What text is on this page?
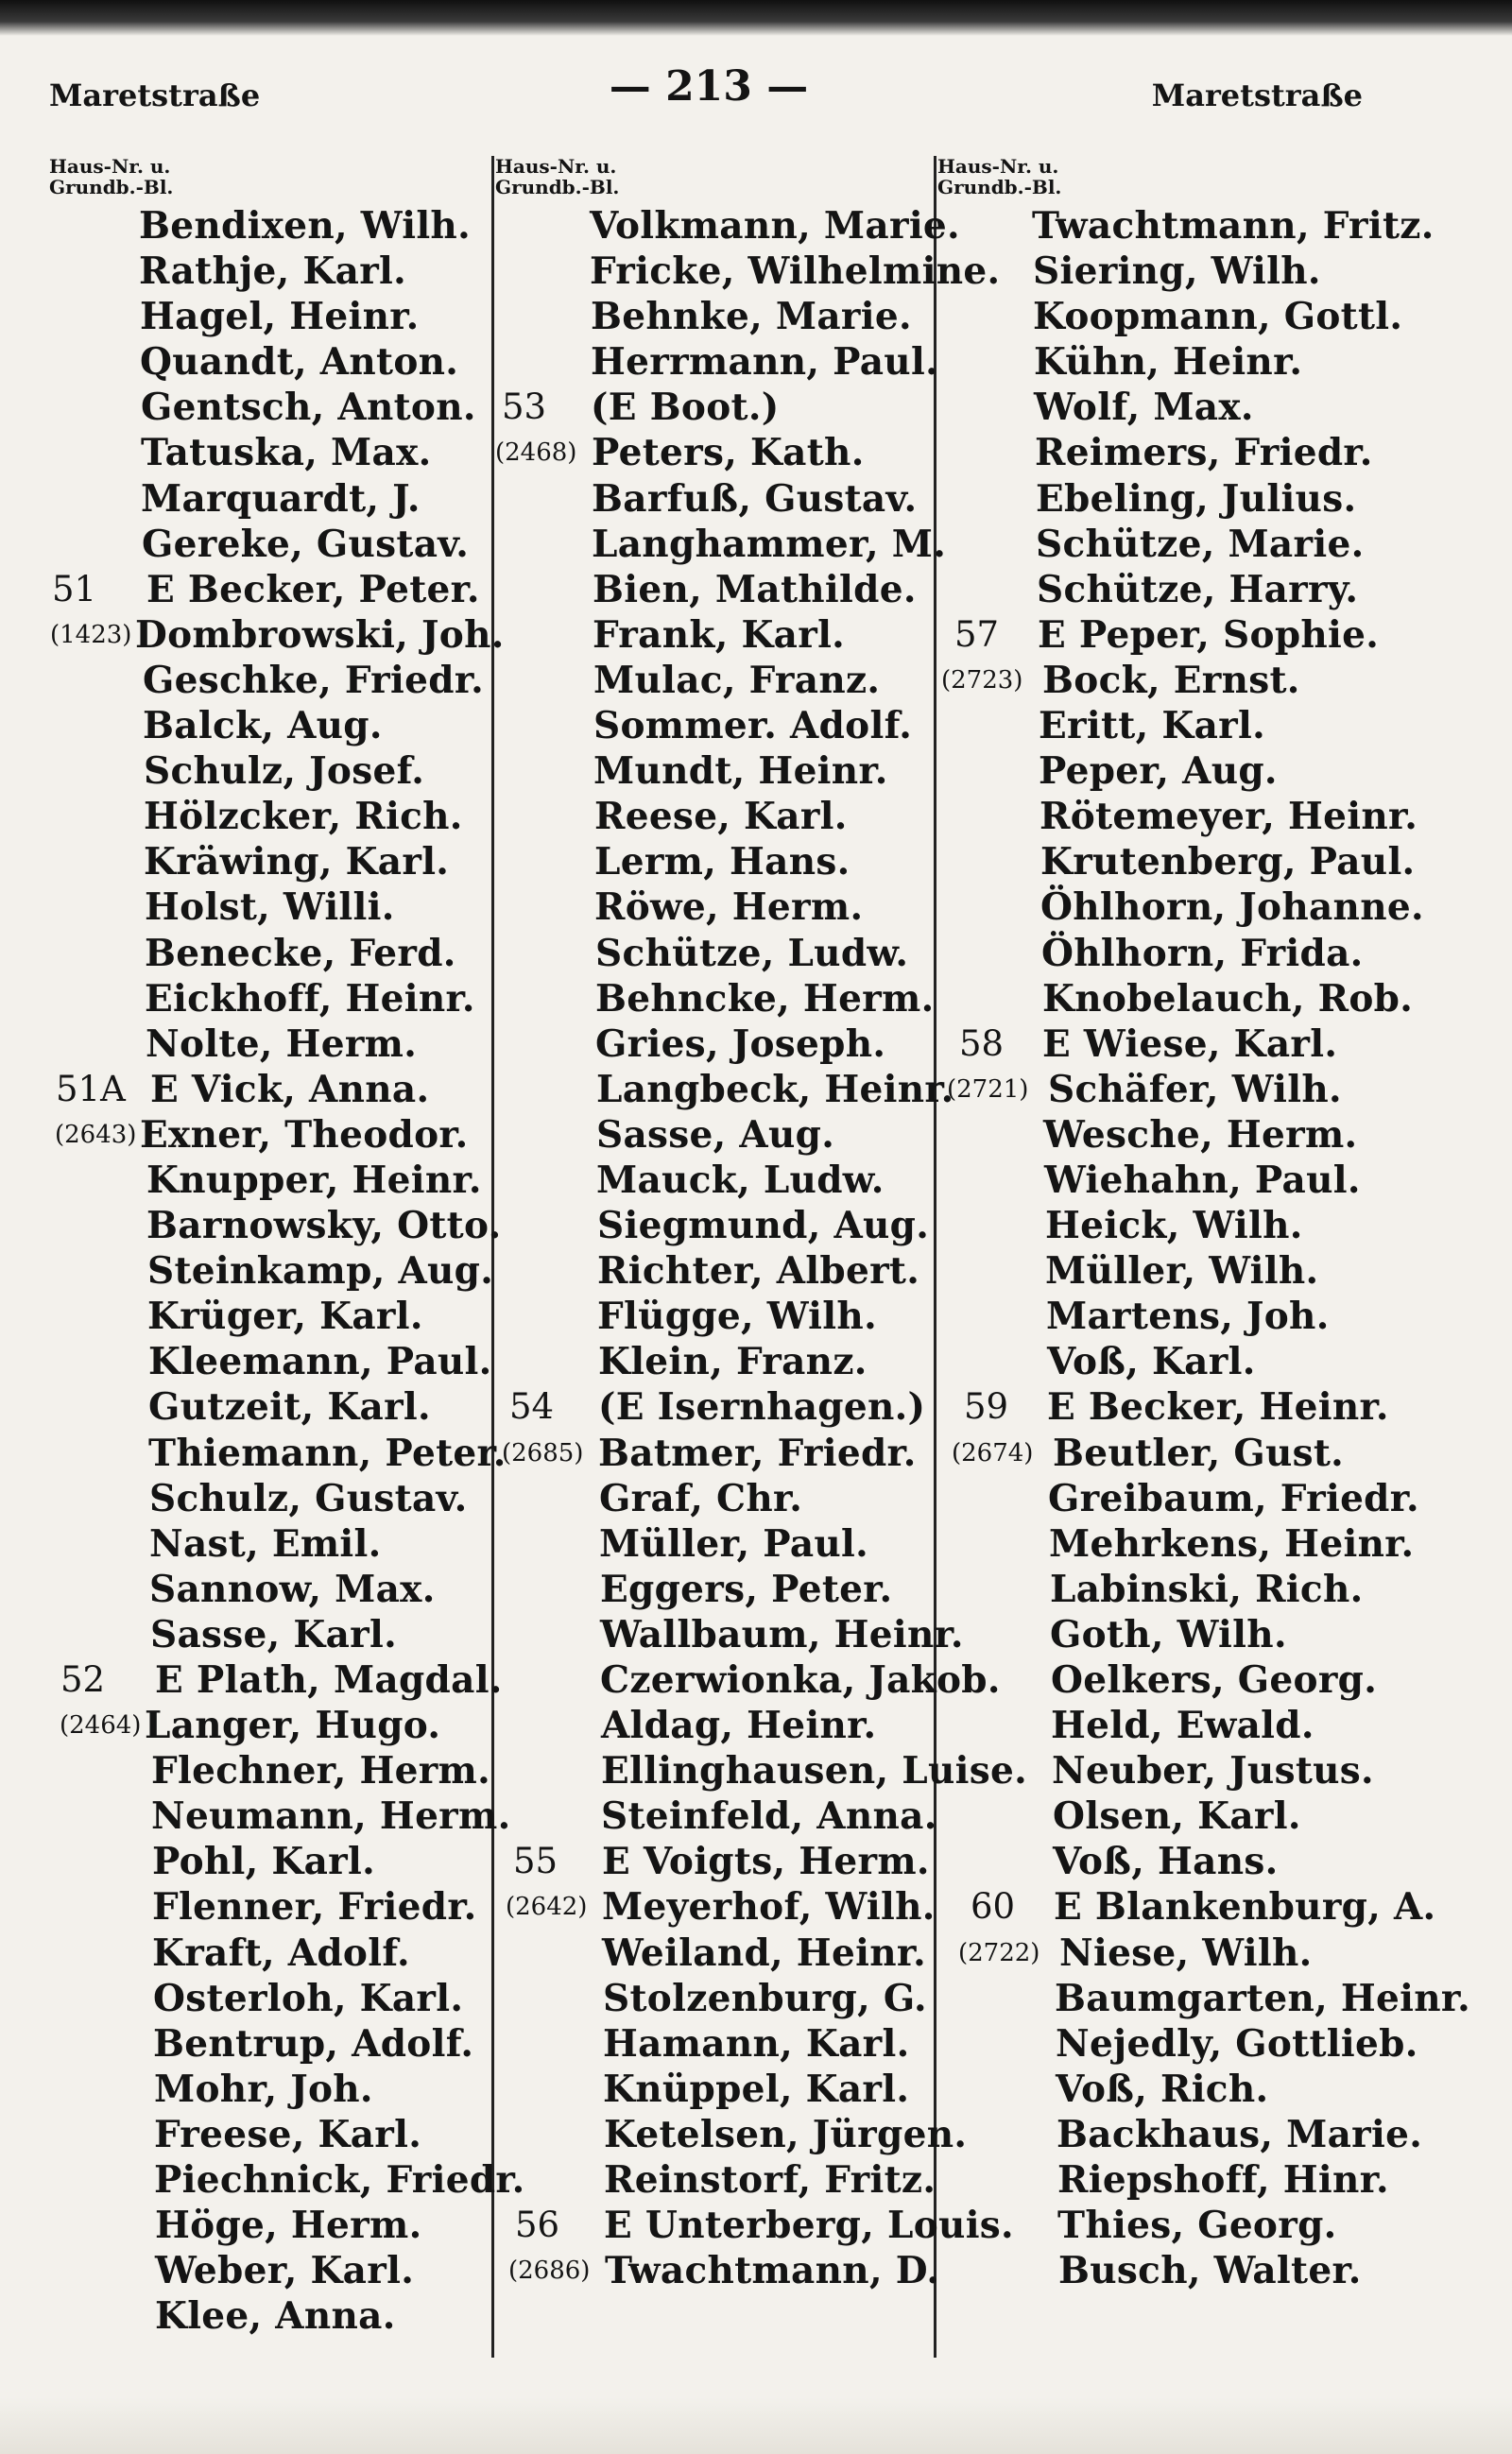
Maretstraße	— 213 —	Maretstraße
Haus-Nr. u.
Grundb.-Bl.
Bendixen, Wilh.
Rathje, Karl.
Hagel, Heinr.
Quandt, Anton.
Gentsch, Anton.
Tatuska, Max.
Marquardt, J.
Gereke, Gustav.
51 E Becker, Peter.
(1423) Dombrowski, Joh.
Geschke, Friedr.
Balck, Aug.
Schulz, Josef.
Hölzcker, Rich.
Kräwing, Karl.
Holst, Willi.
Benecke, Ferd.
Eickhoff, Heinr.
Nolte, Herm.
51A E Vick, Anna.
(2643) Exner, Theodor.
Knupper, Heinr.
Barnowsky, Otto.
Steinkamp, Aug.
Krüger, Karl.
Kleemann, Paul.
Gutzeit, Karl.
Thiemann, Peter.
Schulz, Gustav.
Nast, Emil.
Sannow, Max.
Sasse, Karl.
52 E Plath, Magdal.
(2464) Langer, Hugo.
Flechner, Herm.
Neumann, Herm.
Pohl, Karl.
Flenner, Friedr.
Kraft, Adolf.
Osterloh, Karl.
Bentrup, Adolf.
Mohr, Joh.
Freese, Karl.
Piechnick, Friedr.
Höge, Herm.
Weber, Karl.
Klee, Anna.
Haus-Nr. u.
Grundb.-Bl.
Volkmann, Marie.
Fricke, Wilhelmine.
Behnke, Marie.
Herrmann, Paul.
53 (E Boot.)
(2468) Peters, Kath.
Barfuß, Gustav.
Langhammer, M.
Bien, Mathilde.
Frank, Karl.
Mulac, Franz.
Sommer. Adolf.
Mundt, Heinr.
Reese, Karl.
Lerm, Hans.
Röwe, Herm.
Schütze, Ludw.
Behncke, Herm.
Gries, Joseph.
Langbeck, Heinr.
Sasse, Aug.
Mauck, Ludw.
Siegmund, Aug.
Richter, Albert.
Flügge, Wilh.
Klein, Franz.
54 (E Isernhagen.)
(2685) Batmer, Friedr.
Graf, Chr.
Müller, Paul.
Eggers, Peter.
Wallbaum, Heinr.
Czerwionka, Jakob.
Aldag, Heinr.
Ellinghausen, Luise.
Steinfeld, Anna.
55 E Voigts, Herm.
(2642) Meyerhof, Wilh.
Weiland, Heinr.
Stolzenburg, G.
Hamann, Karl.
Knüppel, Karl.
Ketelsen, Jürgen.
Reinstorf, Fritz.
56 E Unterberg, Louis.
(2686) Twachtmann, D.
Haus-Nr. u.
Grundb.-Bl.
Twachtmann, Fritz.
Siering, Wilh.
Koopmann, Gottl.
Kühn, Heinr.
Wolf, Max.
Reimers, Friedr.
Ebeling, Julius.
Schütze, Marie.
Schütze, Harry.
57 E Peper, Sophie.
(2723) Bock, Ernst.
Eritt, Karl.
Peper, Aug.
Rötemeyer, Heinr.
Krutenberg, Paul.
Öhlhorn, Johanne.
Öhlhorn, Frida.
Knobelauch, Rob.
58 E Wiese, Karl.
(2721) Schäfer, Wilh.
Wesche, Herm.
Wiehahn, Paul.
Heick, Wilh.
Müller, Wilh.
Martens, Joh.
Voß, Karl.
59 E Becker, Heinr.
(2674) Beutler, Gust.
Greibaum, Friedr.
Mehrkens, Heinr.
Labinski, Rich.
Goth, Wilh.
Oelkers, Georg.
Held, Ewald.
Neuber, Justus.
Olsen, Karl.
Voß, Hans.
60 E Blankenburg, A.
(2722) Niese, Wilh.
Baumgarten, Heinr.
Nejedly, Gottlieb.
Voß, Rich.
Backhaus, Marie.
Riepshoff, Hinr.
Thies, Georg.
Busch, Walter.
